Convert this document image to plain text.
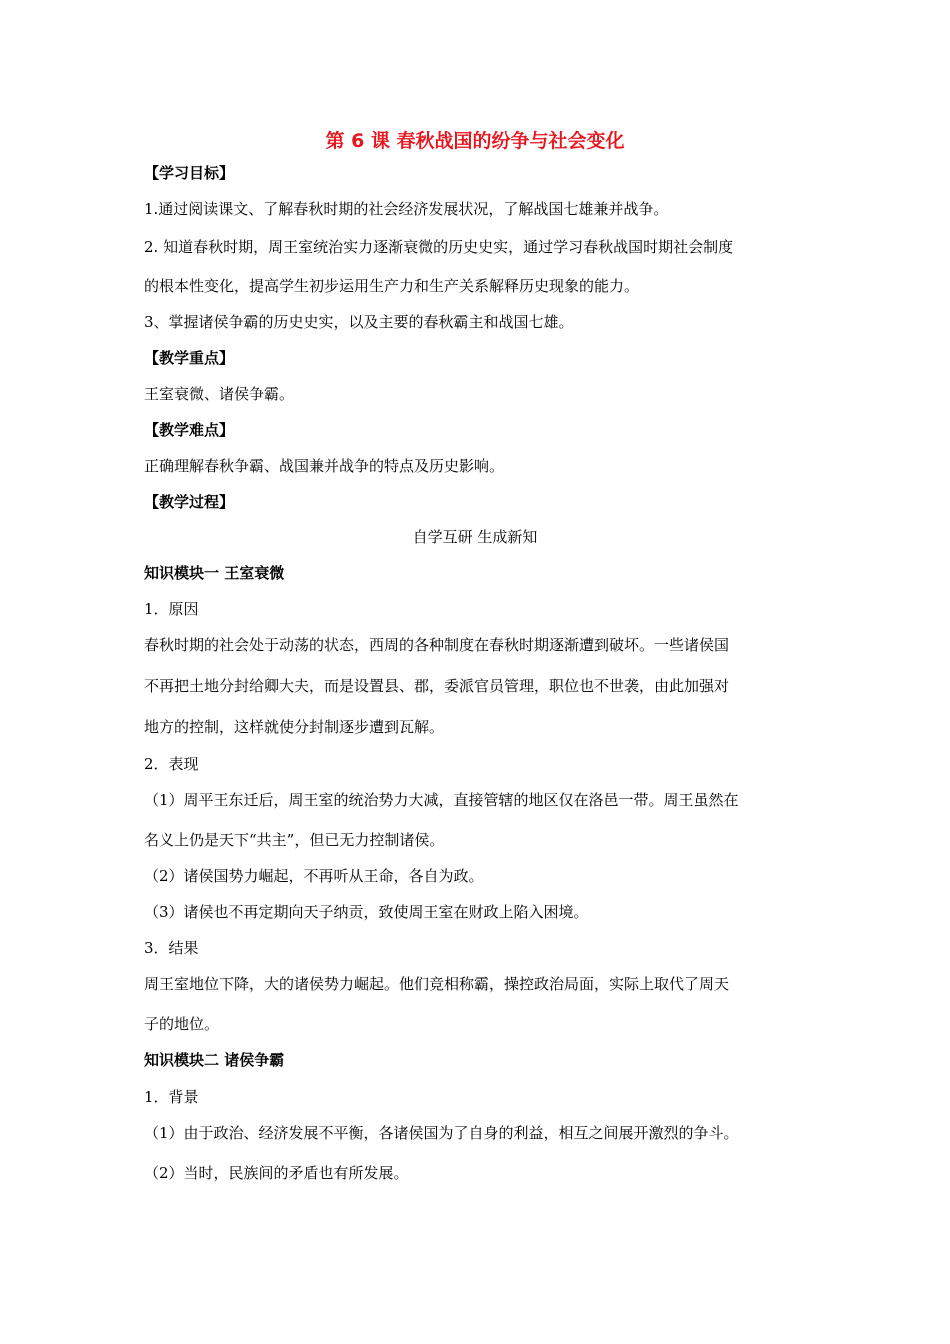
第 6 课 春秋战国的纷争与社会变化
【学习目标】
1.通过阅读课文、了解春秋时期的社会经济发展状况，了解战国七雄兼并战争。
2. 知道春秋时期，周王室统治实力逐渐衰微的历史史实，通过学习春秋战国时期社会制度
的根本性变化，提高学生初步运用生产力和生产关系解释历史现象的能力。
3、掌握诸侯争霸的历史史实，以及主要的春秋霸主和战国七雄。
【教学重点】
王室衰微、诸侯争霸。
【教学难点】
正确理解春秋争霸、战国兼并战争的特点及历史影响。
【教学过程】
自学互研 生成新知
知识模块一 王室衰微
1．原因
春秋时期的社会处于动荡的状态，西周的各种制度在春秋时期逐渐遭到破坏。一些诸侯国
不再把土地分封给卿大夫，而是设置县、郡，委派官员管理，职位也不世袭，由此加强对
地方的控制，这样就使分封制逐步遭到瓦解。
2．表现
（1）周平王东迁后，周王室的统治势力大减，直接管辖的地区仅在洛邑一带。周王虽然在
名义上仍是天下“共主”，但已无力控制诸侯。
（2）诸侯国势力崛起，不再听从王命，各自为政。
（3）诸侯也不再定期向天子纳贡，致使周王室在财政上陷入困境。
3．结果
周王室地位下降，大的诸侯势力崛起。他们竞相称霸，操控政治局面，实际上取代了周天
子的地位。
知识模块二 诸侯争霸
1．背景
（1）由于政治、经济发展不平衡，各诸侯国为了自身的利益，相互之间展开激烈的争斗。
（2）当时，民族间的矛盾也有所发展。
